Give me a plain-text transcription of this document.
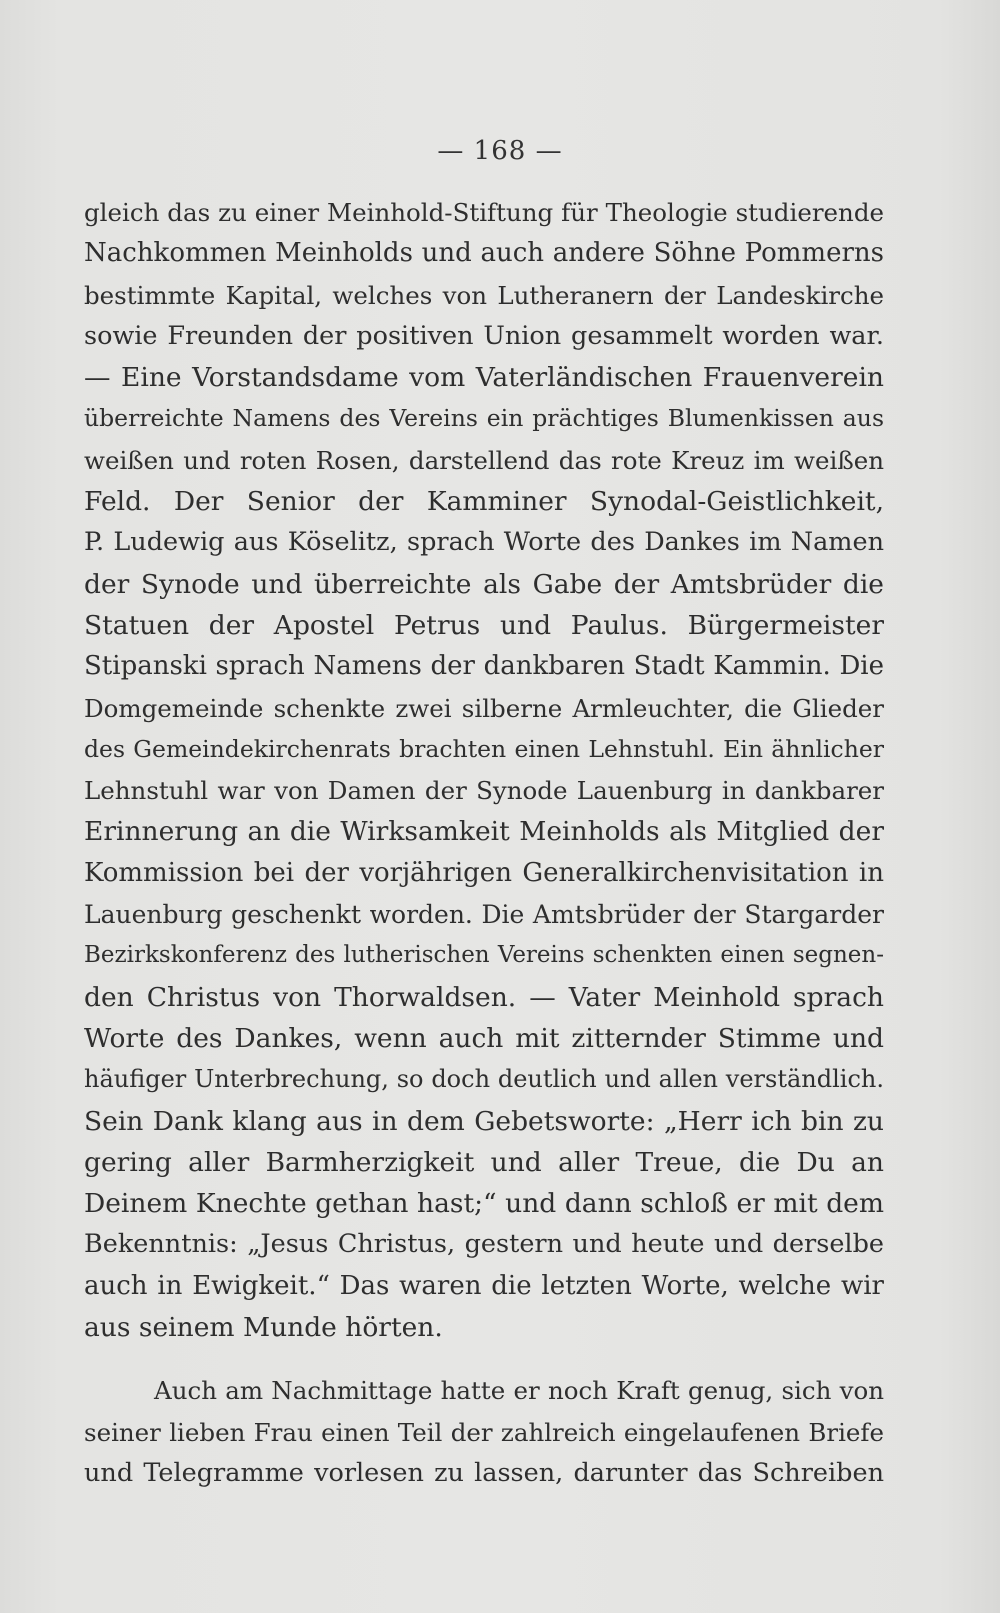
— 168 —
gleich das zu einer Meinhold-Stiftung für Theologie studierende
Nachkommen Meinholds und auch andere Söhne Pommerns
bestimmte Kapital, welches von Lutheranern der Landeskirche
sowie Freunden der positiven Union gesammelt worden war.
— Eine Vorstandsdame vom Vaterländischen Frauenverein
überreichte Namens des Vereins ein prächtiges Blumenkissen aus
weißen und roten Rosen, darstellend das rote Kreuz im weißen
Feld. Der Senior der Kamminer Synodal-Geistlichkeit,
P. Ludewig aus Köselitz, sprach Worte des Dankes im Namen
der Synode und überreichte als Gabe der Amtsbrüder die
Statuen der Apostel Petrus und Paulus. Bürgermeister
Stipanski sprach Namens der dankbaren Stadt Kammin. Die
Domgemeinde schenkte zwei silberne Armleuchter, die Glieder
des Gemeindekirchenrats brachten einen Lehnstuhl. Ein ähnlicher
Lehnstuhl war von Damen der Synode Lauenburg in dankbarer
Erinnerung an die Wirksamkeit Meinholds als Mitglied der
Kommission bei der vorjährigen Generalkirchenvisitation in
Lauenburg geschenkt worden. Die Amtsbrüder der Stargarder
Bezirkskonferenz des lutherischen Vereins schenkten einen segnen-
den Christus von Thorwaldsen. — Vater Meinhold sprach
Worte des Dankes, wenn auch mit zitternder Stimme und
häufiger Unterbrechung, so doch deutlich und allen verständlich.
Sein Dank klang aus in dem Gebetsworte: „Herr ich bin zu
gering aller Barmherzigkeit und aller Treue, die Du an
Deinem Knechte gethan hast;“ und dann schloß er mit dem
Bekenntnis: „Jesus Christus, gestern und heute und derselbe
auch in Ewigkeit.“ Das waren die letzten Worte, welche wir
aus seinem Munde hörten.
Auch am Nachmittage hatte er noch Kraft genug, sich von
seiner lieben Frau einen Teil der zahlreich eingelaufenen Briefe
und Telegramme vorlesen zu lassen, darunter das Schreiben
